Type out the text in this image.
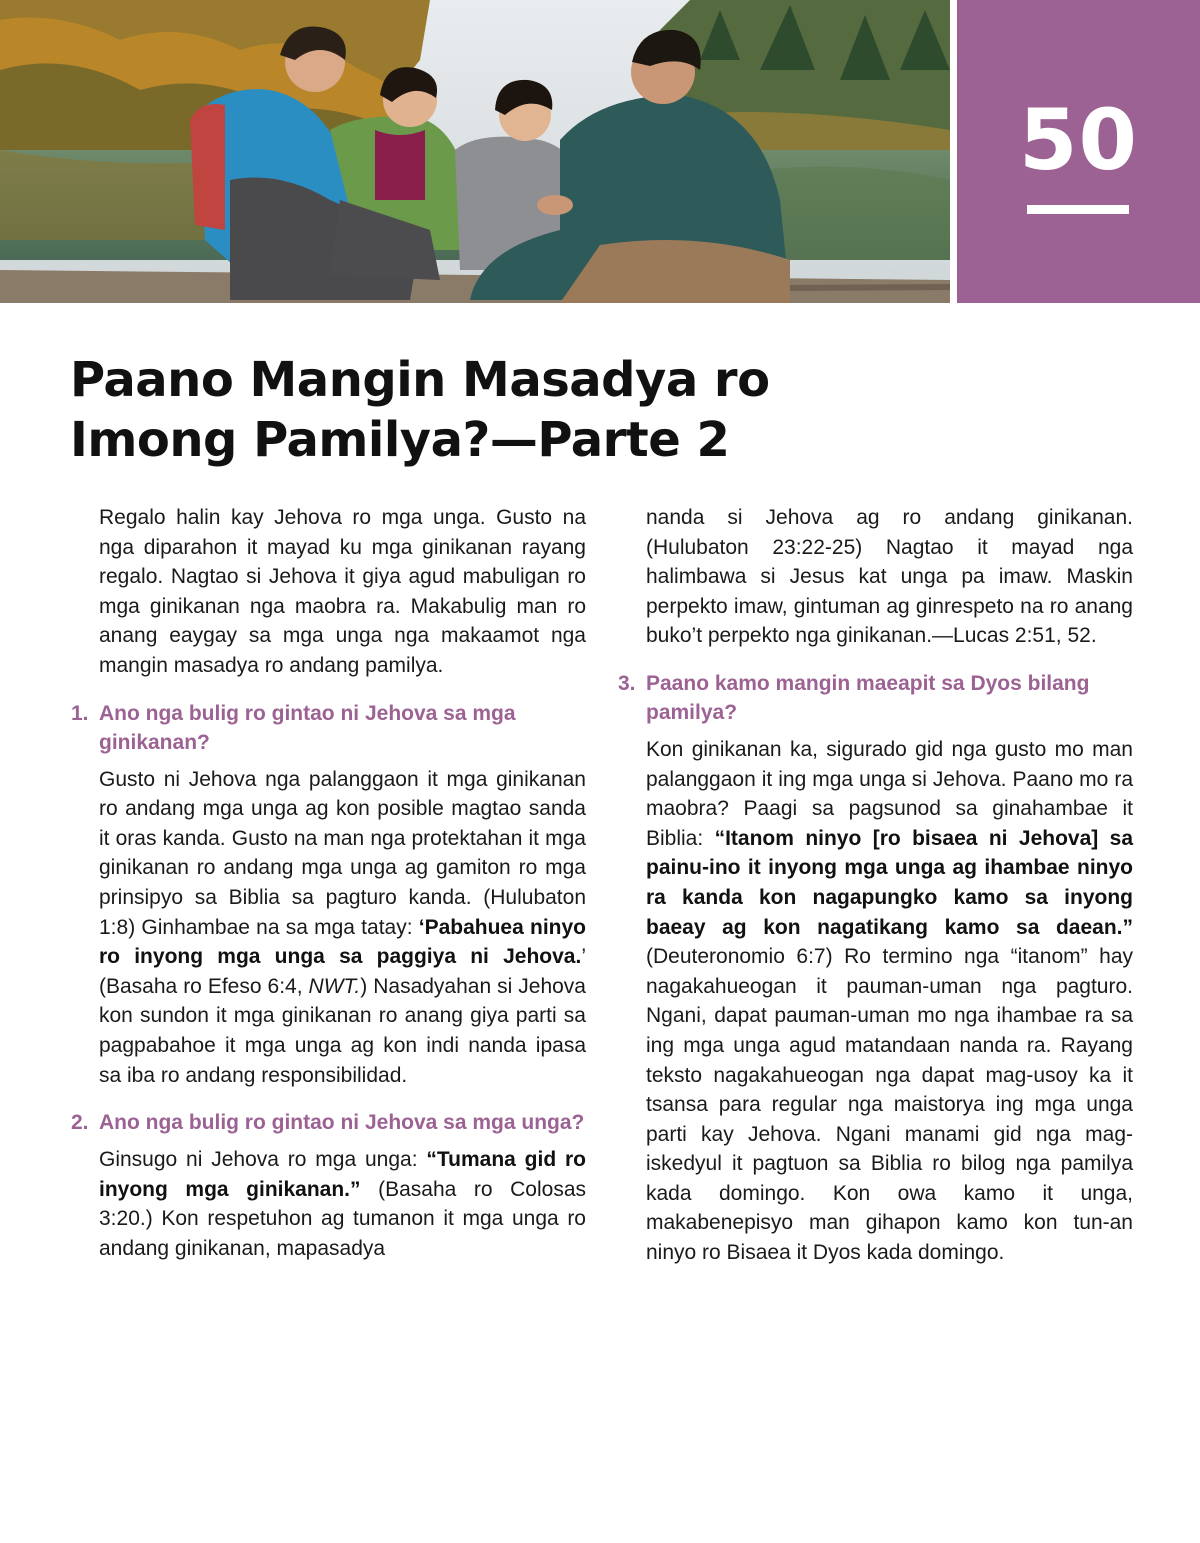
50
Paano Mangin Masadya ro
Imong Pamilya?—Parte 2

Regalo halin kay Jehova ro mga unga. Gusto na nga diparahon it mayad ku mga ginikanan rayang regalo. Nagtao si Jehova it giya agud mabuligan ro mga ginikanan nga maobra ra. Makabulig man ro anang eaygay sa mga unga nga makaamot nga mangin masadya ro andang pamilya.

1. Ano nga bulig ro gintao ni Jehova sa mga ginikanan?

Gusto ni Jehova nga palanggaon it mga ginikanan ro andang mga unga ag kon posible magtao sanda it oras kanda. Gusto na man nga protektahan it mga ginikanan ro andang mga unga ag gamiton ro mga prinsipyo sa Biblia sa pagturo kanda. (Hulubaton 1:8) Ginhambae na sa mga tatay: ‘Pabahuea ninyo ro inyong mga unga sa paggiya ni Jehova.’ (Basaha ro Efeso 6:4, NWT.) Nasadyahan si Jehova kon sundon it mga ginikanan ro anang giya parti sa pagpabahoe it mga unga ag kon indi nanda ipasa sa iba ro andang responsibilidad.

2. Ano nga bulig ro gintao ni Jehova sa mga unga?

Ginsugo ni Jehova ro mga unga: “Tumana gid ro inyong mga ginikanan.” (Basaha ro Colosas 3:20.) Kon respetuhon ag tumanon it mga unga ro andang ginikanan, mapasadya

nanda si Jehova ag ro andang ginikanan. (Hulubaton 23:22-25) Nagtao it mayad nga halimbawa si Jesus kat unga pa imaw. Maskin perpekto imaw, gintuman ag ginrespeto na ro anang buko’t perpekto nga ginikanan.—Lucas 2:51, 52.

3. Paano kamo mangin maeapit sa Dyos bilang pamilya?

Kon ginikanan ka, sigurado gid nga gusto mo man palanggaon it ing mga unga si Jehova. Paano mo ra maobra? Paagi sa pagsunod sa ginahambae it Biblia: “Itanom ninyo [ro bisaea ni Jehova] sa painu-ino it inyong mga unga ag ihambae ninyo ra kanda kon nagapungko kamo sa inyong baeay ag kon nagatikang kamo sa daean.” (Deuteronomio 6:7) Ro termino nga “itanom” hay nagakahueogan it pauman-uman nga pagturo. Ngani, dapat pauman-uman mo nga ihambae ra sa ing mga unga agud matandaan nanda ra. Rayang teksto nagakahueogan nga dapat mag-usoy ka it tsansa para regular nga maistorya ing mga unga parti kay Jehova. Ngani manami gid nga mag-iskedyul it pagtuon sa Biblia ro bilog nga pamilya kada domingo. Kon owa kamo it unga, makabenepisyo man gihapon kamo kon tun-an ninyo ro Bisaea it Dyos kada domingo.
